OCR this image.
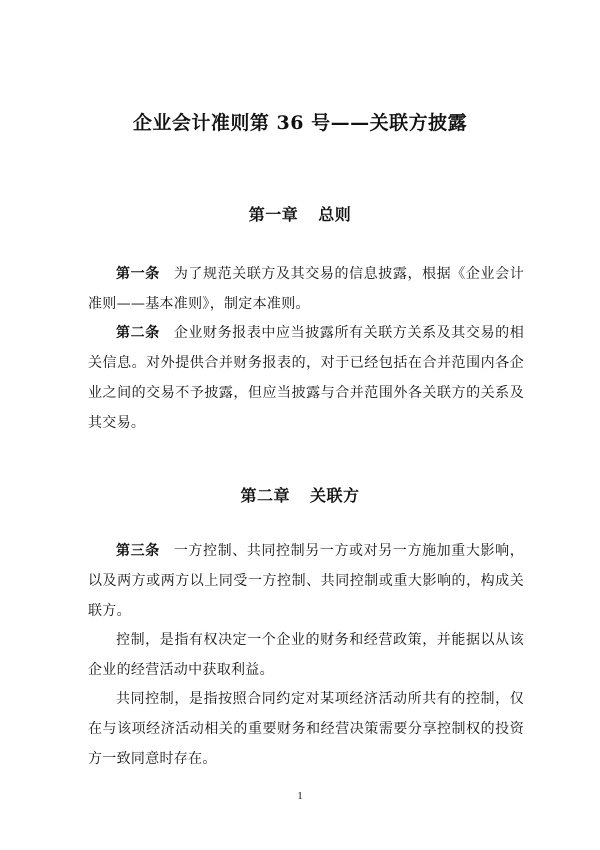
企业会计准则第 36 号——关联方披露
第一章 总则
第一条 为了规范关联方及其交易的信息披露，根据《企业会计准则——基本准则》，制定本准则。
第二条 企业财务报表中应当披露所有关联方关系及其交易的相关信息。对外提供合并财务报表的，对于已经包括在合并范围内各企业之间的交易不予披露，但应当披露与合并范围外各关联方的关系及其交易。
第二章 关联方
第三条 一方控制、共同控制另一方或对另一方施加重大影响，以及两方或两方以上同受一方控制、共同控制或重大影响的，构成关联方。
控制，是指有权决定一个企业的财务和经营政策，并能据以从该企业的经营活动中获取利益。
共同控制，是指按照合同约定对某项经济活动所共有的控制，仅在与该项经济活动相关的重要财务和经营决策需要分享控制权的投资方一致同意时存在。
1
